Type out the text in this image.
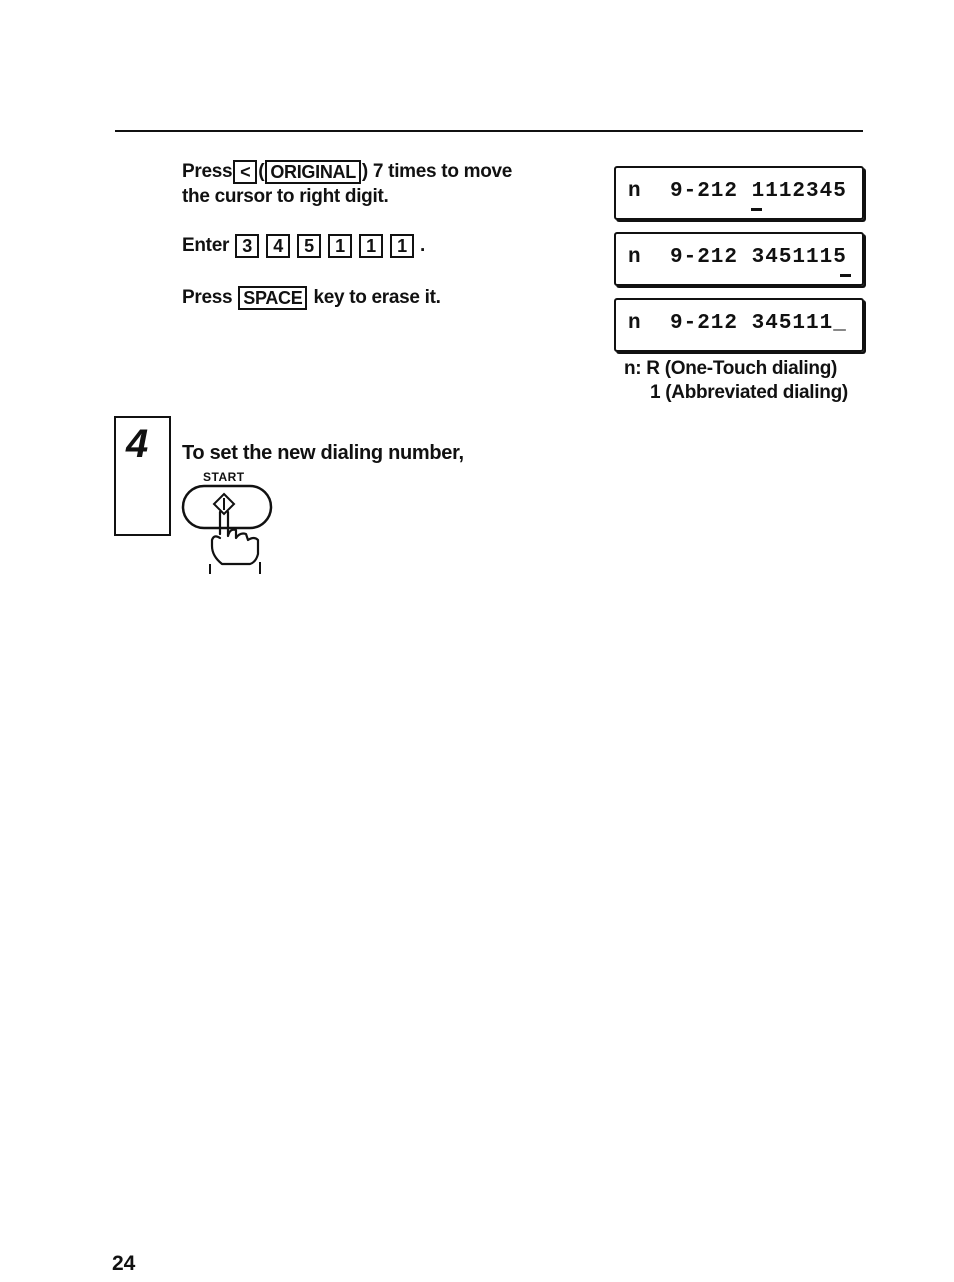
Press < ( ORIGINAL ) 7 times to move
the cursor to right digit.
Enter 3 4 5 1 1 1 .
Press SPACE key to erase it.
n 9-212 1112345
n 9-212 3451115
n 9-212 345111_
n: R (One-Touch dialing)
1 (Abbreviated dialing)
4 To set the new dialing number,
START
24
